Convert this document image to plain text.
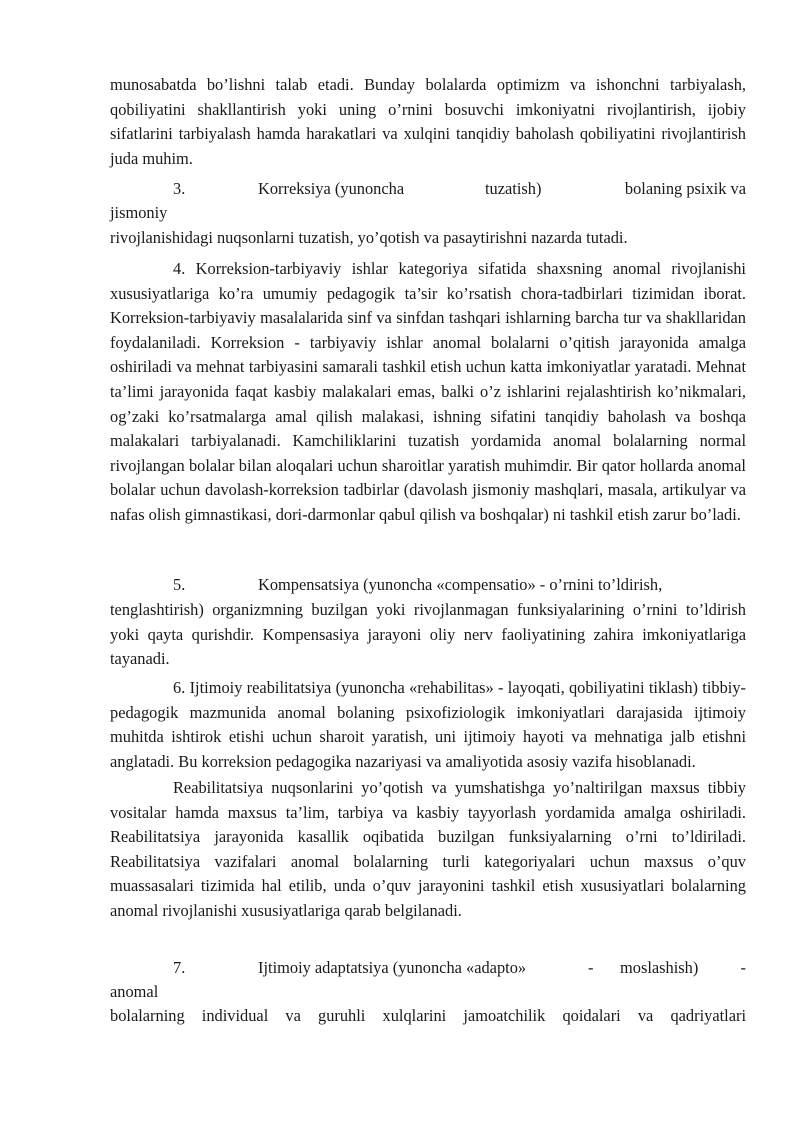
munosabatda bo’lishni talab etadi. Bunday bolalarda optimizm va ishonchni tarbiyalash, qobiliyatini shakllantirish yoki uning o’rnini bosuvchi imkoniyatni rivojlantirish, ijobiy sifatlarini tarbiyalash hamda harakatlari va xulqini tanqidiy baholash qobiliyatini rivojlantirish juda muhim.

3.	Korreksiya (yunoncha	tuzatish)	bolaning psixik va
jismoniy
rivojlanishidagi nuqsonlarni tuzatish, yo’qotish va pasaytirishni nazarda tutadi.

4. Korreksion-tarbiyaviy ishlar kategoriya sifatida shaxsning anomal rivojlanishi xususiyatlariga ko’ra umumiy pedagogik ta’sir ko’rsatish chora-tadbirlari tizimidan iborat. Korreksion-tarbiyaviy masalalarida sinf va sinfdan tashqari ishlarning barcha tur va shakllaridan foydalaniladi. Korreksion - tarbiyaviy ishlar anomal bolalarni o’qitish jarayonida amalga oshiriladi va mehnat tarbiyasini samarali tashkil etish uchun katta imkoniyatlar yaratadi. Mehnat ta’limi jarayonida faqat kasbiy malakalari emas, balki o’z ishlarini rejalashtirish ko’nikmalari, og’zaki ko’rsatmalarga amal qilish malakasi, ishning sifatini tanqidiy baholash va boshqa malakalari tarbiyalanadi. Kamchiliklarini tuzatish yordamida anomal bolalarning normal rivojlangan bolalar bilan aloqalari uchun sharoitlar yaratish muhimdir. Bir qator hollarda anomal bolalar uchun davolash-korreksion tadbirlar (davolash jismoniy mashqlari, masala, artikulyar va nafas olish gimnastikasi, dori-darmonlar qabul qilish va boshqalar) ni tashkil etish zarur bo’ladi.

5.	Kompensatsiya (yunoncha «compensatio» - o’rnini to’ldirish,

tenglashtirish) organizmning buzilgan yoki rivojlanmagan funksiyalarining o’rnini to’ldirish yoki qayta qurishdir. Kompensasiya jarayoni oliy nerv faoliyatining zahira imkoniyatlariga tayanadi.

6. Ijtimoiy reabilitatsiya (yunoncha «rehabilitas» - layoqati, qobiliyatini tiklash) tibbiy-pedagogik mazmunida anomal bolaning psixofiziologik imkoniyatlari darajasida ijtimoiy muhitda ishtirok etishi uchun sharoit yaratish, uni ijtimoiy hayoti va mehnatiga jalb etishni anglatadi. Bu korreksion pedagogika nazariyasi va amaliyotida asosiy vazifa hisoblanadi.

Reabilitatsiya nuqsonlarini yo’qotish va yumshatishga yo’naltirilgan maxsus tibbiy vositalar hamda maxsus ta’lim, tarbiya va kasbiy tayyorlash yordamida amalga oshiriladi. Reabilitatsiya jarayonida kasallik oqibatida buzilgan funksiyalarning o’rni to’ldiriladi. Reabilitatsiya vazifalari anomal bolalarning turli kategoriyalari uchun maxsus o’quv muassasalari tizimida hal etilib, unda o’quv jarayonini tashkil etish xususiyatlari bolalarning anomal rivojlanishi xususiyatlariga qarab belgilanadi.

7.	Ijtimoiy adaptatsiya (yunoncha «adapto»	- moslashish)	-
anomal
bolalarning individual va guruhli xulqlarini jamoatchilik qoidalari va qadriyatlari
